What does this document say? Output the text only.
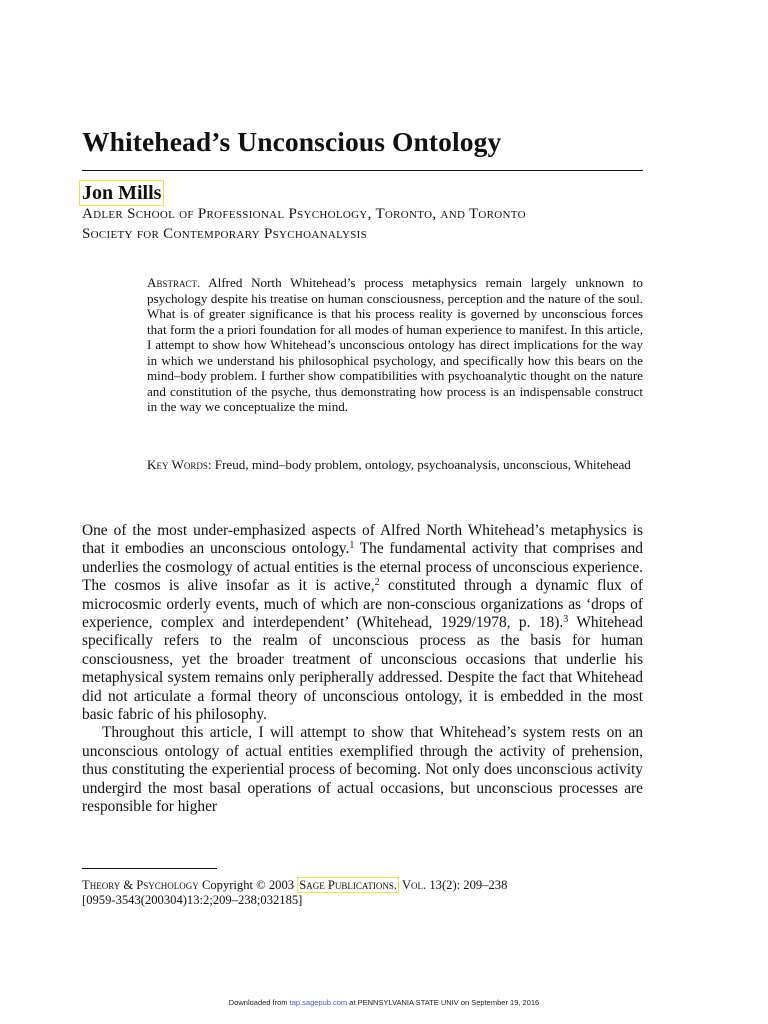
Whitehead’s Unconscious Ontology
Jon Mills
Adler School of Professional Psychology, Toronto, and Toronto
Society for Contemporary Psychoanalysis
Abstract. Alfred North Whitehead’s process metaphysics remain largely unknown to psychology despite his treatise on human consciousness, perception and the nature of the soul. What is of greater significance is that his process reality is governed by unconscious forces that form the a priori foundation for all modes of human experience to manifest. In this article, I attempt to show how Whitehead’s unconscious ontology has direct implications for the way in which we understand his philosophical psychology, and specifically how this bears on the mind–body problem. I further show compatibilities with psychoanalytic thought on the nature and constitution of the psyche, thus demonstrating how process is an indispensable construct in the way we conceptualize the mind.
Key Words: Freud, mind–body problem, ontology, psychoanalysis, unconscious, Whitehead

One of the most under-emphasized aspects of Alfred North Whitehead’s metaphysics is that it embodies an unconscious ontology.$^1$ The fundamental activity that comprises and underlies the cosmology of actual entities is the eternal process of unconscious experience. The cosmos is alive insofar as it is active,$^2$ constituted through a dynamic flux of microcosmic orderly events, much of which are non-conscious organizations as ‘drops of experience, complex and interdependent’ (Whitehead, 1929/1978, p. 18).$^3$ Whitehead specifically refers to the realm of unconscious process as the basis for human consciousness, yet the broader treatment of unconscious occasions that underlie his metaphysical system remains only peripherally addressed. Despite the fact that Whitehead did not articulate a formal theory of unconscious ontology, it is embedded in the most basic fabric of his philosophy.

Throughout this article, I will attempt to show that Whitehead’s system rests on an unconscious ontology of actual entities exemplified through the activity of prehension, thus constituting the experiential process of becoming. Not only does unconscious activity undergird the most basal operations of actual occasions, but unconscious processes are responsible for higher

Theory & Psychology Copyright © 2003 Sage Publications. Vol. 13(2): 209–238
[0959-3543(200304)13:2;209–238;032185]
Downloaded from tap.sagepub.com at PENNSYLVANIA STATE UNIV on September 19, 2016
